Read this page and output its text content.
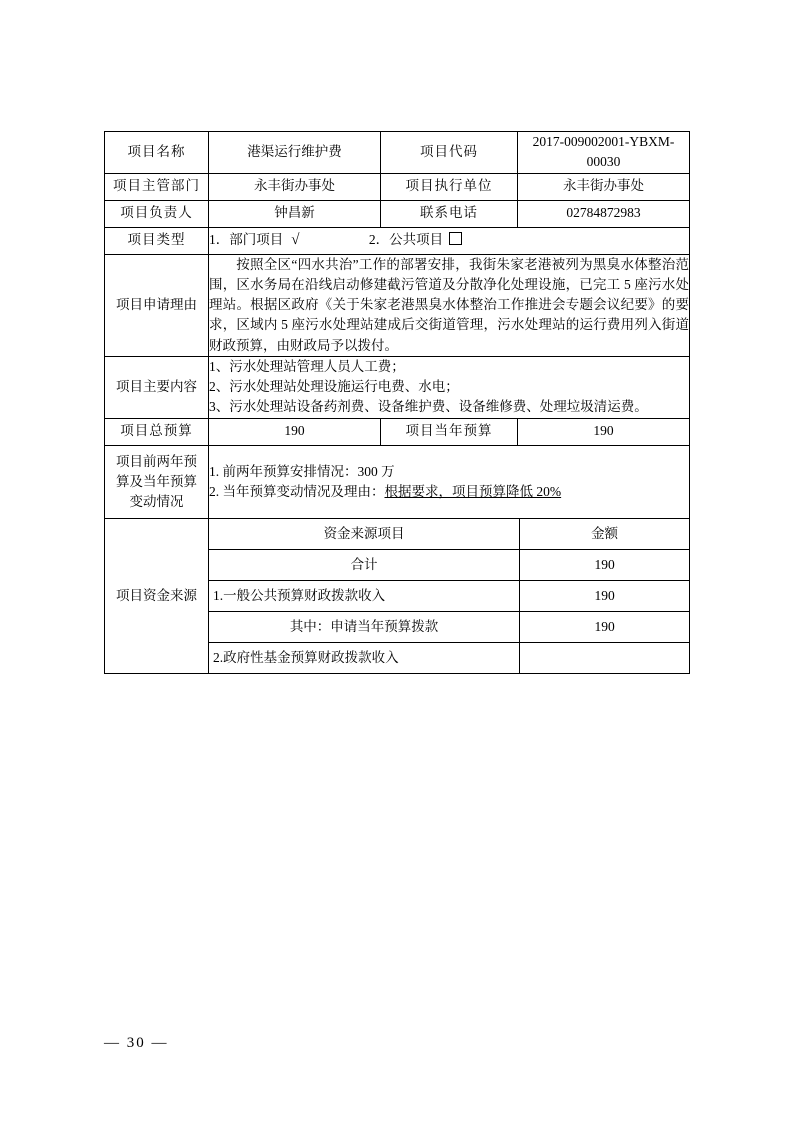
项目名称	港渠运行维护费	项目代码	2017-009002001-YBXM-00030
项目主管部门	永丰街办事处	项目执行单位	永丰街办事处
项目负责人	钟昌新	联系电话	02784872983
项目类型	1．部门项目 √	2．公共项目
项目申请理由	按照全区“四水共治”工作的部署安排，我街朱家老港被列为黑臭水体整治范围，区水务局在沿线启动修建截污管道及分散净化处理设施，已完工 5 座污水处理站。根据区政府《关于朱家老港黑臭水体整治工作推进会专题会议纪要》的要求，区域内 5 座污水处理站建成后交街道管理，污水处理站的运行费用列入街道财政预算，由财政局予以拨付。
项目主要内容	
1、污水处理站管理人员人工费；
2、污水处理站处理设施运行电费、水电；
3、污水处理站设备药剂费、设备维护费、设备维修费、处理垃圾清运费。

项目总预算	190	项目当年预算	190
项目前两年预算及当年预算变动情况	
1. 前两年预算安排情况：300 万
2. 当年预算变动情况及理由：根据要求，项目预算降低 20%

项目资金来源	
资金来源项目	金额
合计	190
1.一般公共预算财政拨款收入	190
其中：申请当年预算拨款	190
2.政府性基金预算财政拨款收入	
— 30 —
